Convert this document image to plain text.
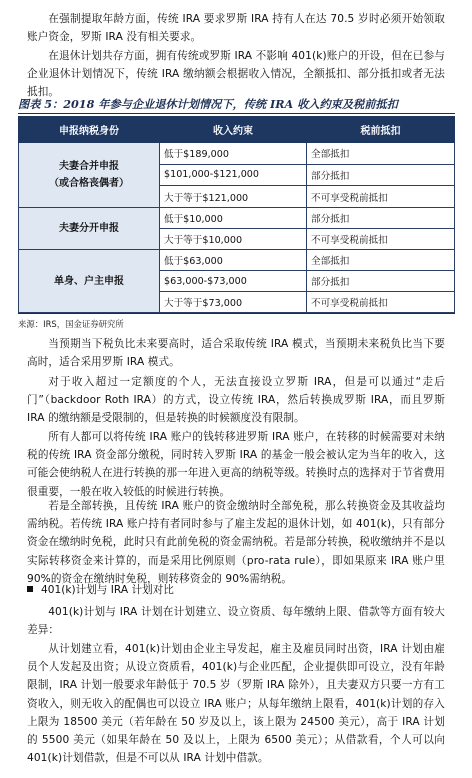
在强制提取年龄方面，传统 IRA 要求罗斯 IRA 持有人在达 70.5 岁时必须开始领取账户资金，罗斯 IRA 没有相关要求。

在退休计划共存方面，拥有传统或罗斯 IRA 不影响 401(k)账户的开设，但在已参与企业退休计划情况下，传统 IRA 缴纳额会根据收入情况，全额抵扣、部分抵扣或者无法抵扣。

图表 5：2018 年参与企业退休计划情况下，传统 IRA 收入约束及税前抵扣
申报纳税身份	收入约束	税前抵扣
夫妻合并申报
（或合格丧偶者）	低于$189,000	全部抵扣
	$101,000-$121,000	部分抵扣
	大于等于$121,000	不可享受税前抵扣
夫妻分开申报	低于$10,000	部分抵扣
	大于等于$10,000	不可享受税前抵扣
单身、户主申报	低于$63,000	全部抵扣
	$63,000-$73,000	部分抵扣
	大于等于$73,000	不可享受税前抵扣
来源：IRS，国金证券研究所

当预期当下税负比未来要高时，适合采取传统 IRA 模式，当预期未来税负比当下要高时，适合采用罗斯 IRA 模式。

对于收入超过一定额度的个人，无法直接设立罗斯 IRA，但是可以通过“走后门”（backdoor Roth IRA）的方式，设立传统 IRA，然后转换成罗斯 IRA，而且罗斯 IRA 的缴纳额是受限制的，但是转换的时候额度没有限制。

所有人都可以将传统 IRA 账户的钱转移进罗斯 IRA 账户，在转移的时候需要对未纳税的传统 IRA 资金部分缴税，同时转入罗斯 IRA 的基金一般会被认定为当年的收入，这可能会使纳税人在进行转换的那一年进入更高的纳税等级。转换时点的选择对于节省费用很重要，一般在收入较低的时候进行转换。

若是全部转换，且传统 IRA 账户的资金缴纳时全部免税，那么转换资金及其收益均需纳税。若传统 IRA 账户持有者同时参与了雇主发起的退休计划，如 401(k)，只有部分资金在缴纳时免税，此时只有此前免税的资金需纳税。若是部分转换，税收缴纳并不是以实际转移资金来计算的，而是采用比例原则（pro-rata rule），即如果原来 IRA 账户里 90%的资金在缴纳时免税，则转移资金的 90%需纳税。

401(k)计划与 IRA 计划对比

401(k)计划与 IRA 计划在计划建立、设立资质、每年缴纳上限、借款等方面有较大差异：

从计划建立看，401(k)计划由企业主导发起，雇主及雇员同时出资，IRA 计划由雇员个人发起及出资；从设立资质看，401(k)与企业匹配，企业提供即可设立，没有年龄限制，IRA 计划一般要求年龄低于 70.5 岁（罗斯 IRA 除外），且夫妻双方只要一方有工资收入，则无收入的配偶也可以设立 IRA 账户；从每年缴纳上限看，401(k)计划的存入上限为 18500 美元（若年龄在 50 岁及以上，该上限为 24500 美元），高于 IRA 计划的 5500 美元（如果年龄在 50 及以上，上限为 6500 美元）；从借款看，个人可以向 401(k)计划借款，但是不可以从 IRA 计划中借款。
